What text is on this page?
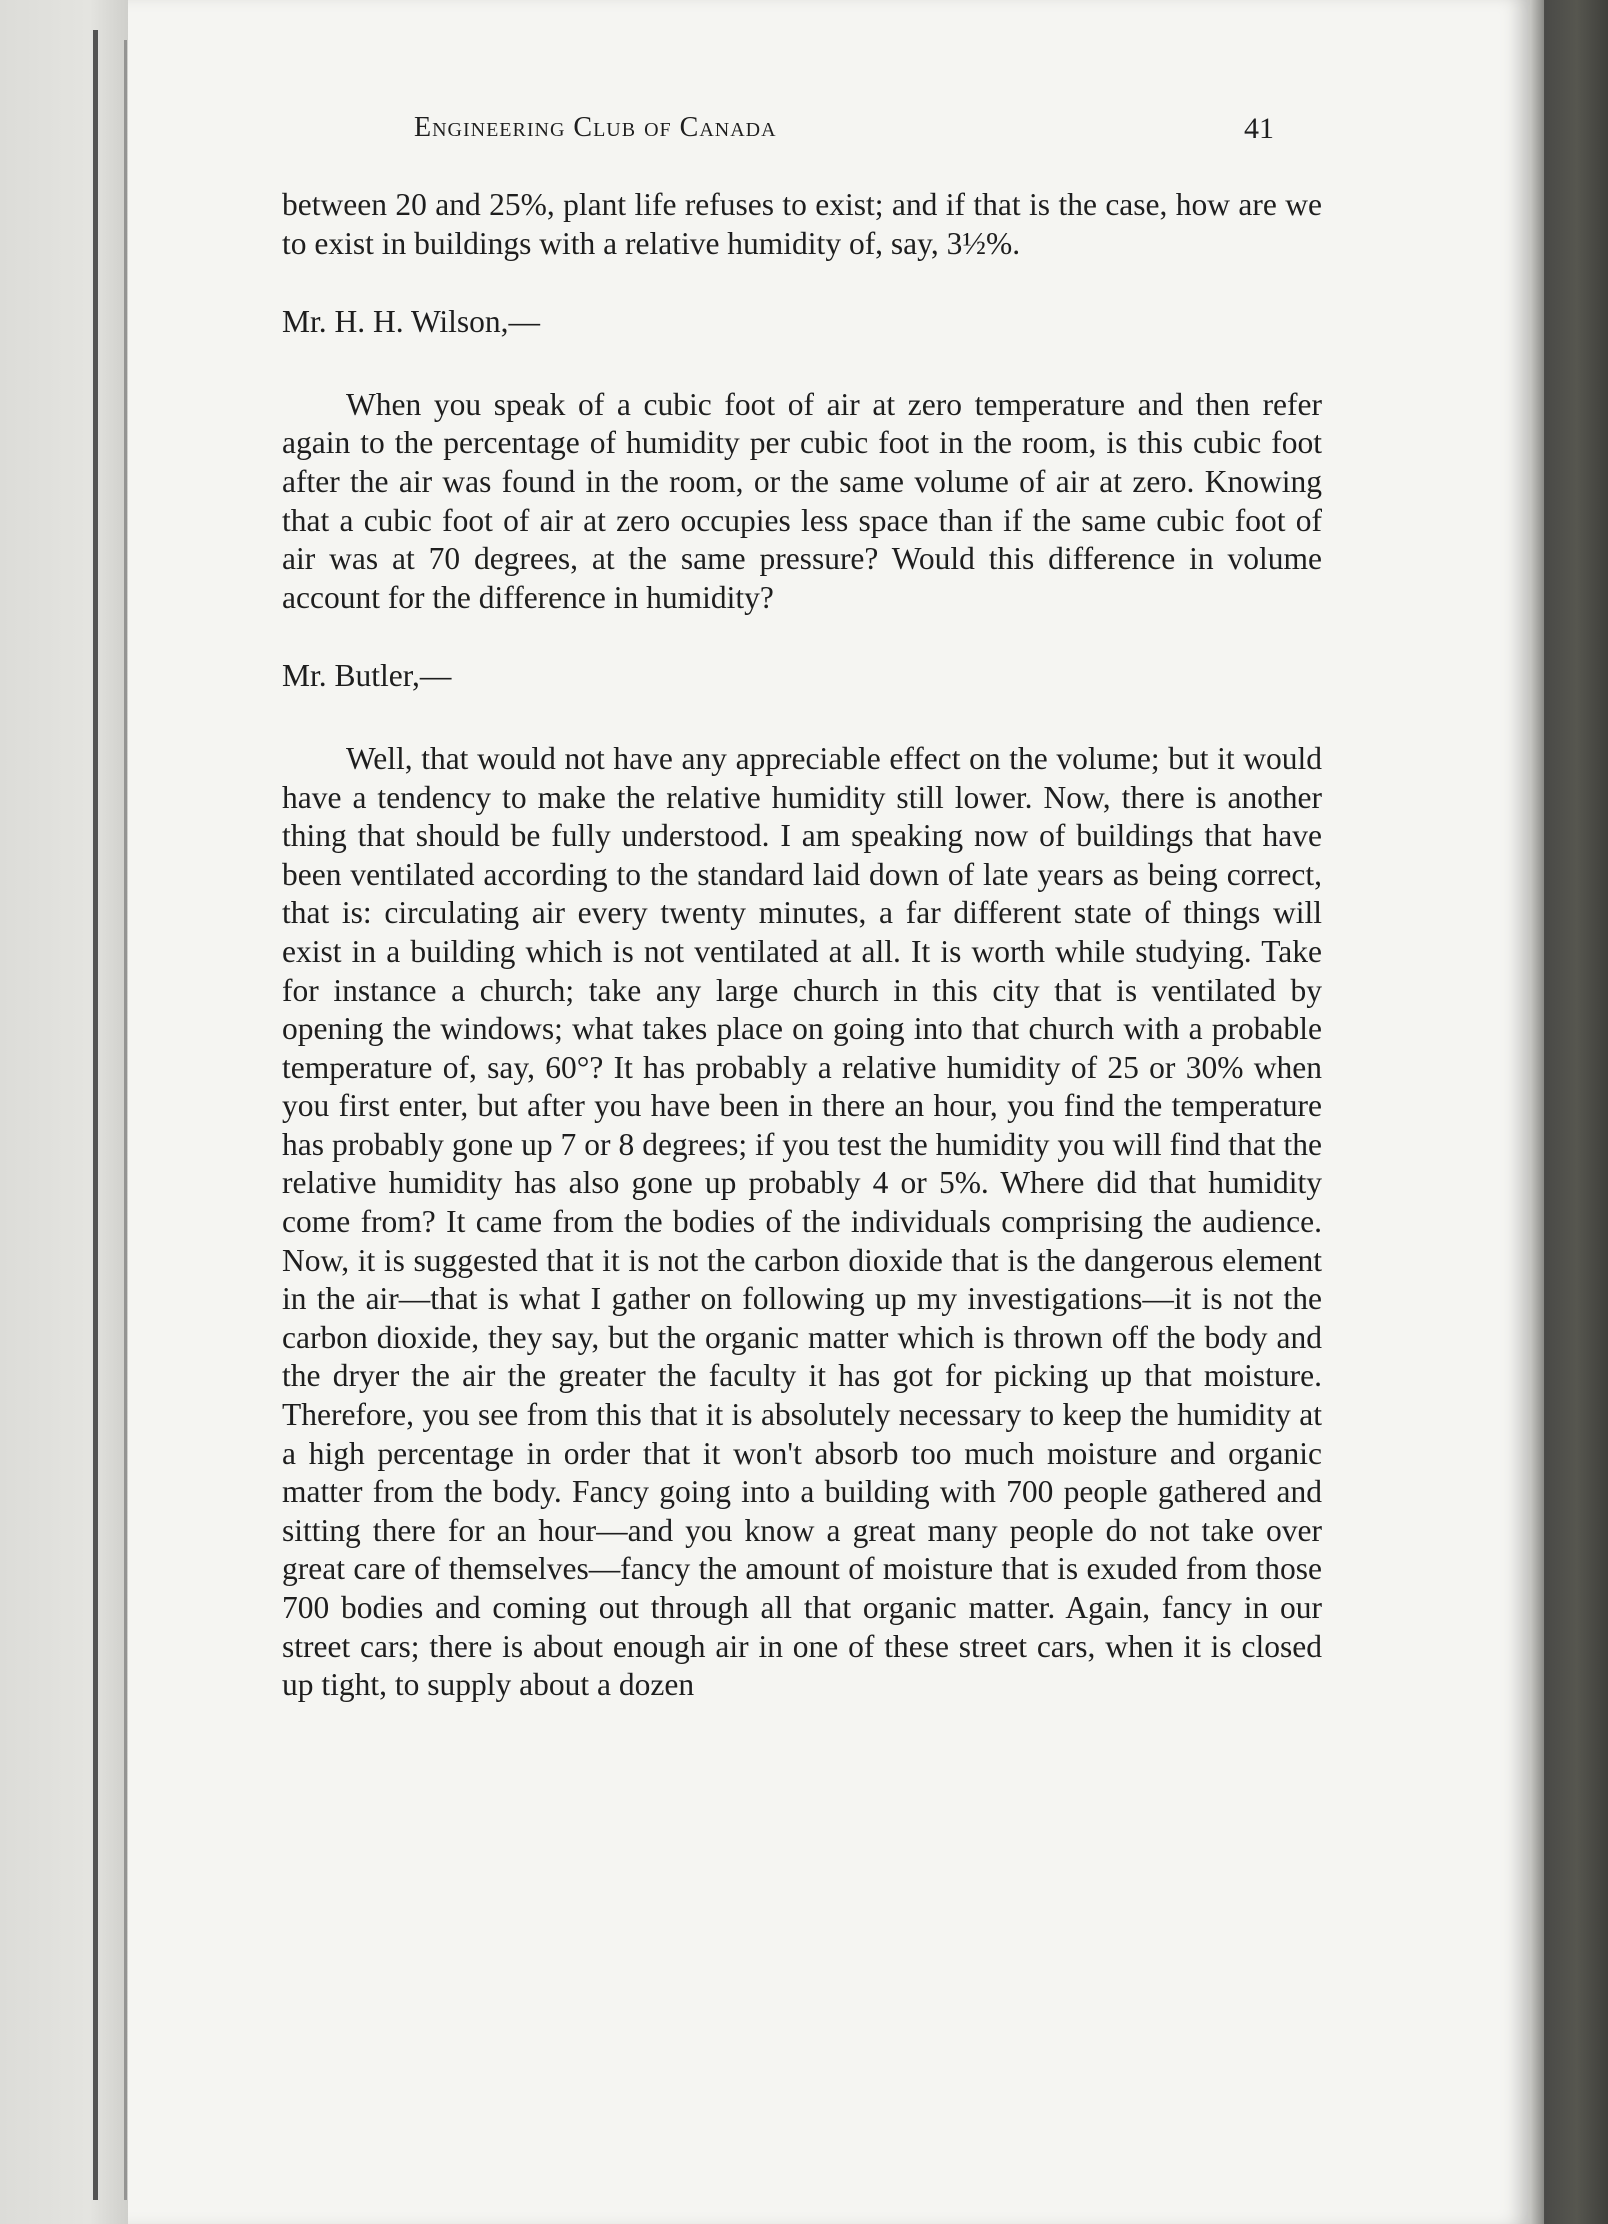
Engineering Club of Canada	41

between 20 and 25%, plant life refuses to exist; and if that is the case, how are we to exist in buildings with a relative humidity of, say, 3½%.

Mr. H. H. Wilson,—

When you speak of a cubic foot of air at zero temperature and then refer again to the percentage of humidity per cubic foot in the room, is this cubic foot after the air was found in the room, or the same volume of air at zero. Knowing that a cubic foot of air at zero occupies less space than if the same cubic foot of air was at 70 degrees, at the same pressure? Would this difference in volume account for the difference in humidity?

Mr. Butler,—

Well, that would not have any appreciable effect on the volume; but it would have a tendency to make the relative humidity still lower. Now, there is another thing that should be fully understood. I am speaking now of buildings that have been ventilated according to the standard laid down of late years as being correct, that is: circulating air every twenty minutes, a far different state of things will exist in a building which is not ventilated at all. It is worth while studying. Take for instance a church; take any large church in this city that is ventilated by opening the windows; what takes place on going into that church with a probable temperature of, say, 60°? It has probably a relative humidity of 25 or 30% when you first enter, but after you have been in there an hour, you find the temperature has probably gone up 7 or 8 degrees; if you test the humidity you will find that the relative humidity has also gone up probably 4 or 5%. Where did that humidity come from? It came from the bodies of the individuals comprising the audience. Now, it is suggested that it is not the carbon dioxide that is the dangerous element in the air—that is what I gather on following up my investigations—it is not the carbon dioxide, they say, but the organic matter which is thrown off the body and the dryer the air the greater the faculty it has got for picking up that moisture. Therefore, you see from this that it is absolutely necessary to keep the humidity at a high percentage in order that it won't absorb too much moisture and organic matter from the body. Fancy going into a building with 700 people gathered and sitting there for an hour—and you know a great many people do not take over great care of themselves—fancy the amount of moisture that is exuded from those 700 bodies and coming out through all that organic matter. Again, fancy in our street cars; there is about enough air in one of these street cars, when it is closed up tight, to supply about a dozen
